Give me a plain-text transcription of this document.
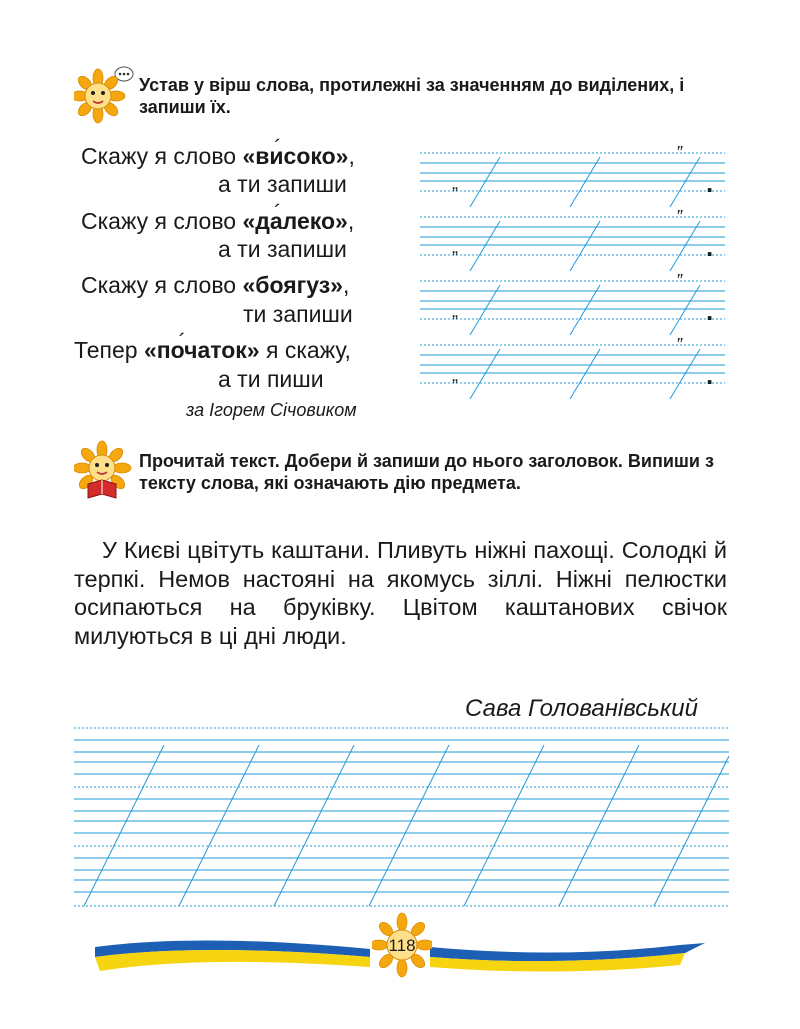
Устав у вірш слова, протилежні за значенням до виділених, і запиши їх.
Скажу я слово «високо» ´,
а ти запиши
Скажу я слово «далеко» ´,
а ти запиши
Скажу я слово «боягуз»,
ти запиши
Тепер «початок» ´ я скажу,
а ти пиши
за Ігорем Січовиком
”
„	.
”
„	.
”
„	.
”
„	.
Прочитай текст. Добери й запиши до нього заголовок. Випиши з тексту слова, які означають дію предмета.
У Києві цвітуть каштани. Пливуть ніжні пахощі. Солодкі й терпкі. Немов настояні на якомусь зіллі. Ніжні пелюстки осипаються на бруківку. Цвітом каштанових свічок милуються в ці дні люди.
Сава Голованівський
118
